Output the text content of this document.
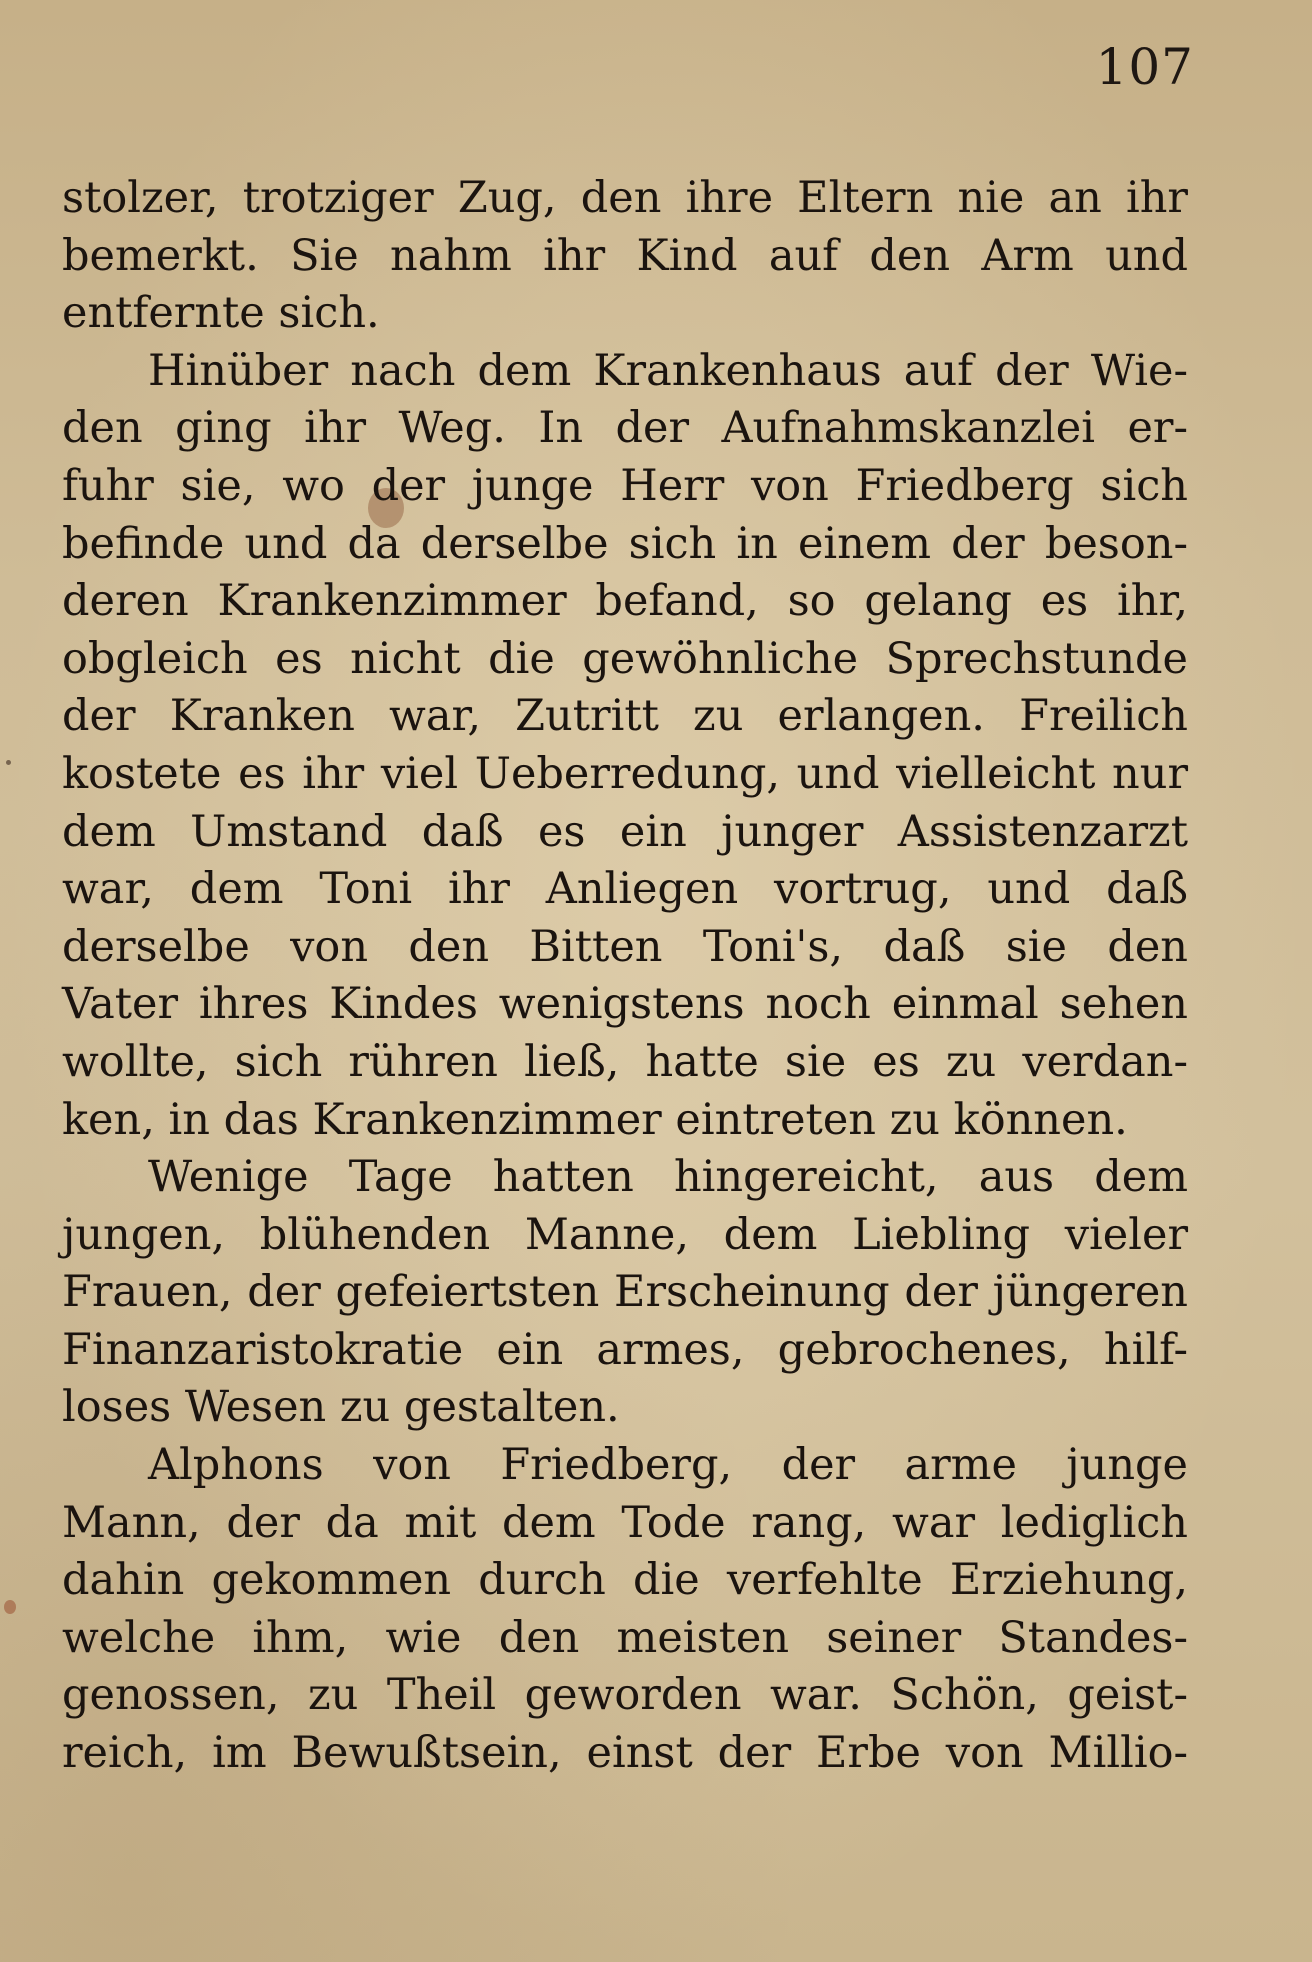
107
stolzer, trotziger Zug, den ihre Eltern nie an ihr
bemerkt. Sie nahm ihr Kind auf den Arm und
entfernte sich.
Hinüber nach dem Krankenhaus auf der Wie-
den ging ihr Weg. In der Aufnahmskanzlei er-
fuhr sie, wo der junge Herr von Friedberg sich
befinde und da derselbe sich in einem der beson-
deren Krankenzimmer befand, so gelang es ihr,
obgleich es nicht die gewöhnliche Sprechstunde
der Kranken war, Zutritt zu erlangen. Freilich
kostete es ihr viel Ueberredung, und vielleicht nur
dem Umstand daß es ein junger Assistenzarzt
war, dem Toni ihr Anliegen vortrug, und daß
derselbe von den Bitten Toni's, daß sie den
Vater ihres Kindes wenigstens noch einmal sehen
wollte, sich rühren ließ, hatte sie es zu verdan-
ken, in das Krankenzimmer eintreten zu können.
Wenige Tage hatten hingereicht, aus dem
jungen, blühenden Manne, dem Liebling vieler
Frauen, der gefeiertsten Erscheinung der jüngeren
Finanzaristokratie ein armes, gebrochenes, hilf-
loses Wesen zu gestalten.
Alphons von Friedberg, der arme junge
Mann, der da mit dem Tode rang, war lediglich
dahin gekommen durch die verfehlte Erziehung,
welche ihm, wie den meisten seiner Standes-
genossen, zu Theil geworden war. Schön, geist-
reich, im Bewußtsein, einst der Erbe von Millio-
